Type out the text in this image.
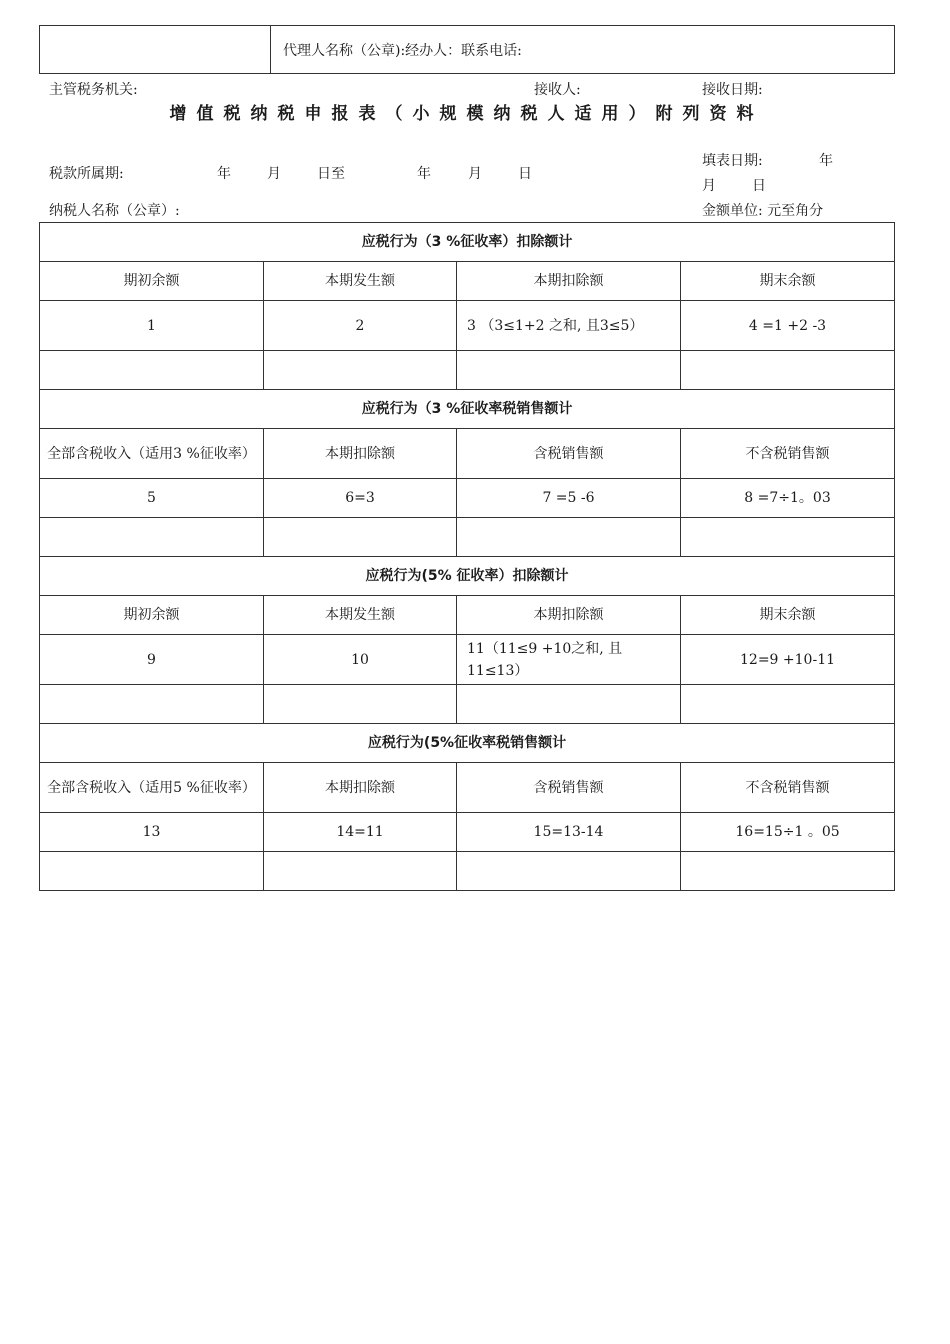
	代理人名称（公章):经办人：联系电话:
主管税务机关:	接收人:	接收日期:
增值税纳税申报表（小规模纳税人适用）附列资料
税款所属期:	年	月	日至	年	月	日
填表日期:	年
月	日
纳税人名称（公章）:	金额单位: 元至角分
应税行为（3 %征收率）扣除额计			
期初余额	本期发生额	本期扣除额	期末余额
1	2	3 （3≤1+2 之和, 且3≤5）	4 =1 +2 -3

应税行为（3 %征收率税销售额计			
全部含税收入（适用3 %征收率）	本期扣除额	含税销售额	不含税销售额
5	6=3	7 =5 -6	8 =7÷1。03

应税行为(5% 征收率）扣除额计			
期初余额	本期发生额	本期扣除额	期末余额
9	10	11（11≤9 +10之和, 且11≤13）	12=9 +10-11

应税行为(5%征收率税销售额计			
全部含税收入（适用5 %征收率）	本期扣除额	含税销售额	不含税销售额
13	14=11	15=13-14	16=15÷1 。05
